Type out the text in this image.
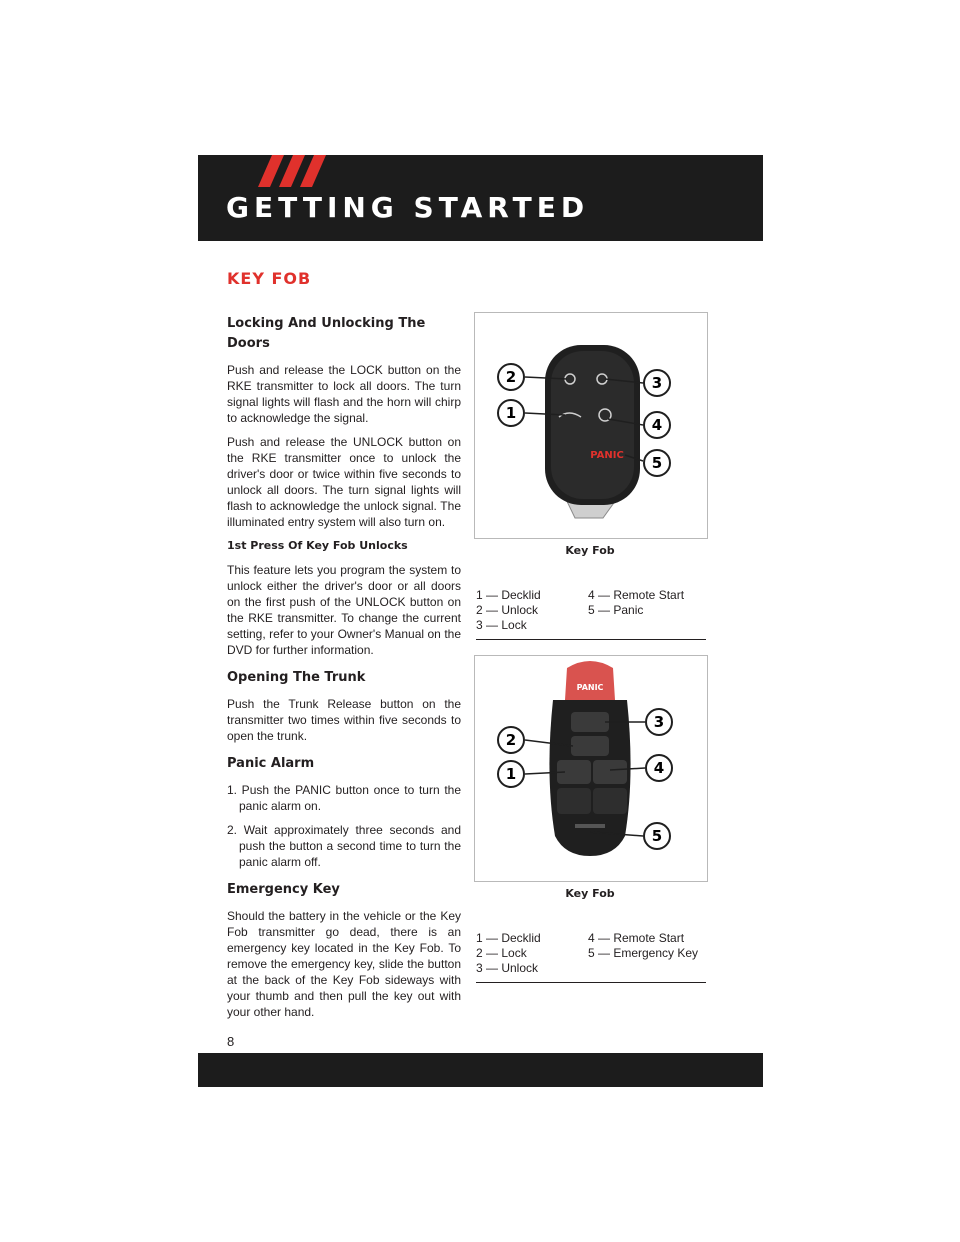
GETTING STARTED
KEY FOB
Locking And Unlocking The Doors

Push and release the LOCK button on the RKE transmitter to lock all doors. The turn signal lights will flash and the horn will chirp to acknowledge the signal.

Push and release the UNLOCK button on the RKE transmitter once to unlock the driver's door or twice within five seconds to unlock all doors. The turn signal lights will flash to acknowledge the unlock signal. The illuminated entry system will also turn on.

1st Press Of Key Fob Unlocks

This feature lets you program the system to unlock either the driver's door or all doors on the first push of the UNLOCK button on the RKE transmitter. To change the current setting, refer to your Owner's Manual on the DVD for further information.

Opening The Trunk

Push the Trunk Release button on the transmitter two times within five seconds to open the trunk.

Panic Alarm
1. Push the PANIC button once to turn the panic alarm on.
2. Wait approximately three seconds and push the button a second time to turn the panic alarm off.
Emergency Key

Should the battery in the vehicle or the Key Fob transmitter go dead, there is an emergency key located in the Key Fob. To remove the emergency key, slide the button at the back of the Key Fob sideways with your thumb and then pull the key out with your other hand.

PANIC
2
1
3
4
5
Key Fob
1 — Decklid	4 — Remote Start
2 — Unlock	5 — Panic
3 — Lock
PANIC
2
1
3
4
5
Key Fob
1 — Decklid	4 — Remote Start
2 — Lock	5 — Emergency Key
3 — Unlock
8
